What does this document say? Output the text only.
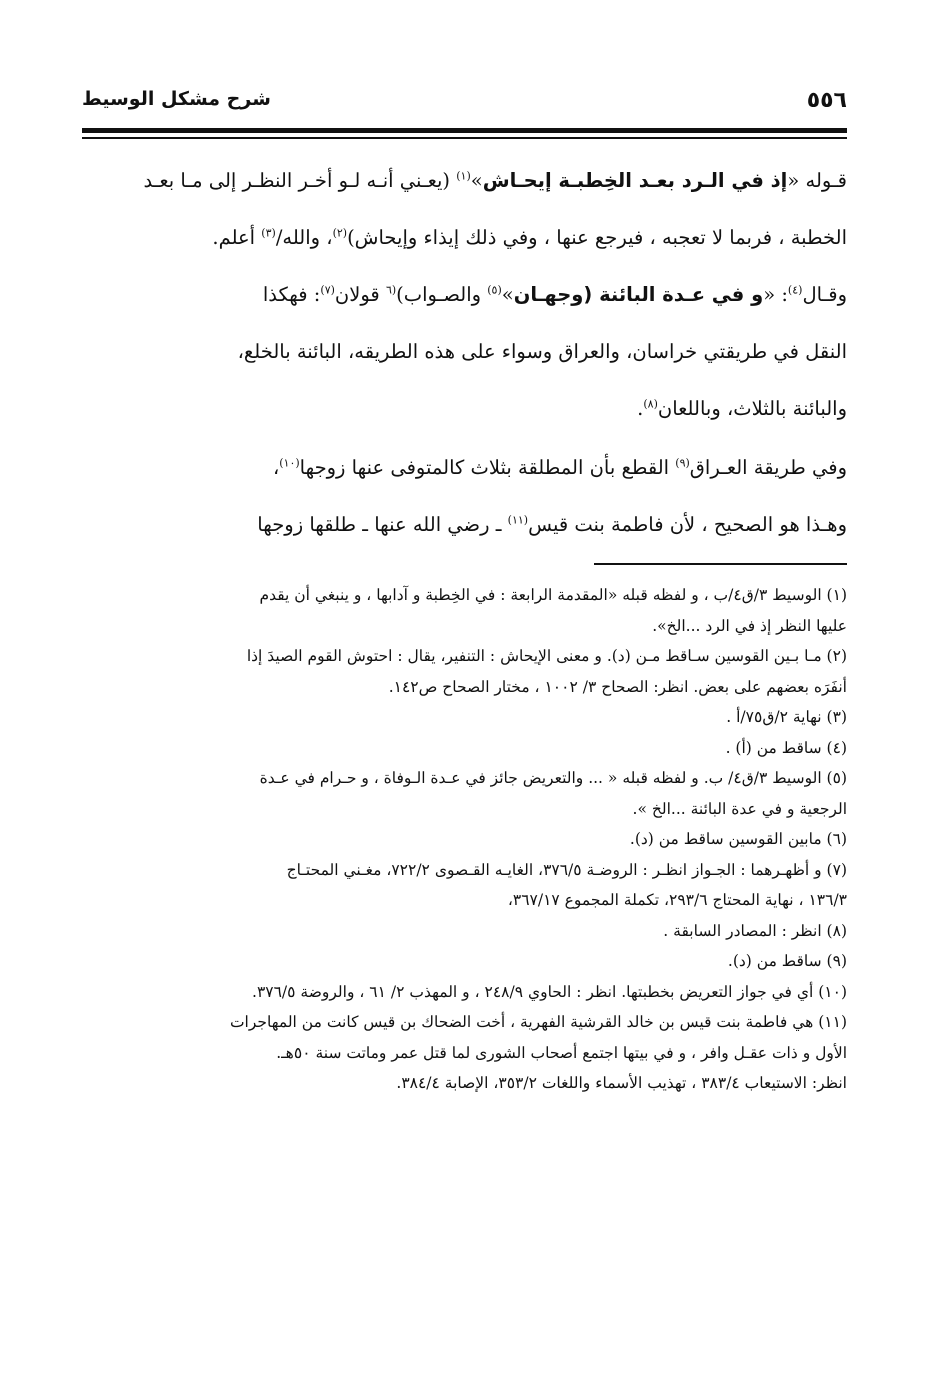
٥٥٦
شرح مشكل الوسيط

قـوله «إذ في الـرد بعـد الخِطبـة إيحـاش»$^{(١)}$ (يعـني أنـه لـو أخـر النظـر إلى مـا بعـد

الخطبة ، فربما لا تعجبه ، فيرجع عنها ، وفي ذلك إيذاء وإيحاش)$^{(٢)}$، والله/$^{(٣)}$ أعلم.

وقـال$^{(٤)}$: «و في عـدة البائنة (وجهـان»$^{(٥)}$ والصـواب)$^{(٦}$ قولان$^{(٧)}$: فهكذا

النقل في طريقتي خراسان، والعراق وسواء على هذه الطريقه، البائنة بالخلع،

والبائنة بالثلاث، وباللعان$^{(٨)}$.

وفي طريقة العـراق$^{(٩)}$ القطع بأن المطلقة بثلاث كالمتوفى عنها زوجها$^{(١٠)}$،

وهـذا هو الصحيح ، لأن فاطمة بنت قيس$^{(١١)}$ ـ رضي الله عنها ـ طلقها زوجها

(١) الوسيط ٣/ق٤/ب ، و لفظه قبله «المقدمة الرابعة : في الخِطبة و آدابها ، و ينبغي أن يقدم
عليها النظر إذ في الرد ...الخ».

(٢) مـا بـين القوسين سـاقط مـن (د). و معنى الإيحاش : التنفير، يقال : احتوش القوم الصيدَ إذا
أنفَرَه بعضهم على بعض. انظر: الصحاح ٣/ ١٠٠٢ ، مختار الصحاح ص١٤٢.

(٣) نهاية ٢/ق٧٥/أ .

(٤) ساقط من (أ) .

(٥) الوسيط ٣/ق٤/ ب. و لفظه قبله « ... والتعريض جائز في عـدة الـوفاة ، و حـرام في عـدة
الرجعية و في عدة البائنة ...الخ ».

(٦) مابين القوسين ساقط من (د).

(٧) و أظهـرهما : الجـواز انظـر : الروضـة ٣٧٦/٥، الغايـه القـصوى ٧٢٢/٢، مغـني المحتـاج
١٣٦/٣ ، نهاية المحتاج ٢٩٣/٦، تكملة المجموع ٣٦٧/١٧،

(٨) انظر : المصادر السابقة .

(٩) ساقط من (د).

(١٠) أي في جواز التعريض بخطبتها. انظر : الحاوي ٢٤٨/٩ ، و المهذب ٢/ ٦١ ، والروضة ٣٧٦/٥.

(١١) هي فاطمة بنت قيس بن خالد القرشية الفهرية ، أخت الضحاك بن قيس كانت من المهاجرات
الأول و ذات عقـل وافر ، و في بيتها اجتمع أصحاب الشورى لما قتل عمر وماتت سنة ٥٠هـ.
انظر: الاستيعاب ٣٨٣/٤ ، تهذيب الأسماء واللغات ٣٥٣/٢، الإصابة ٣٨٤/٤.
